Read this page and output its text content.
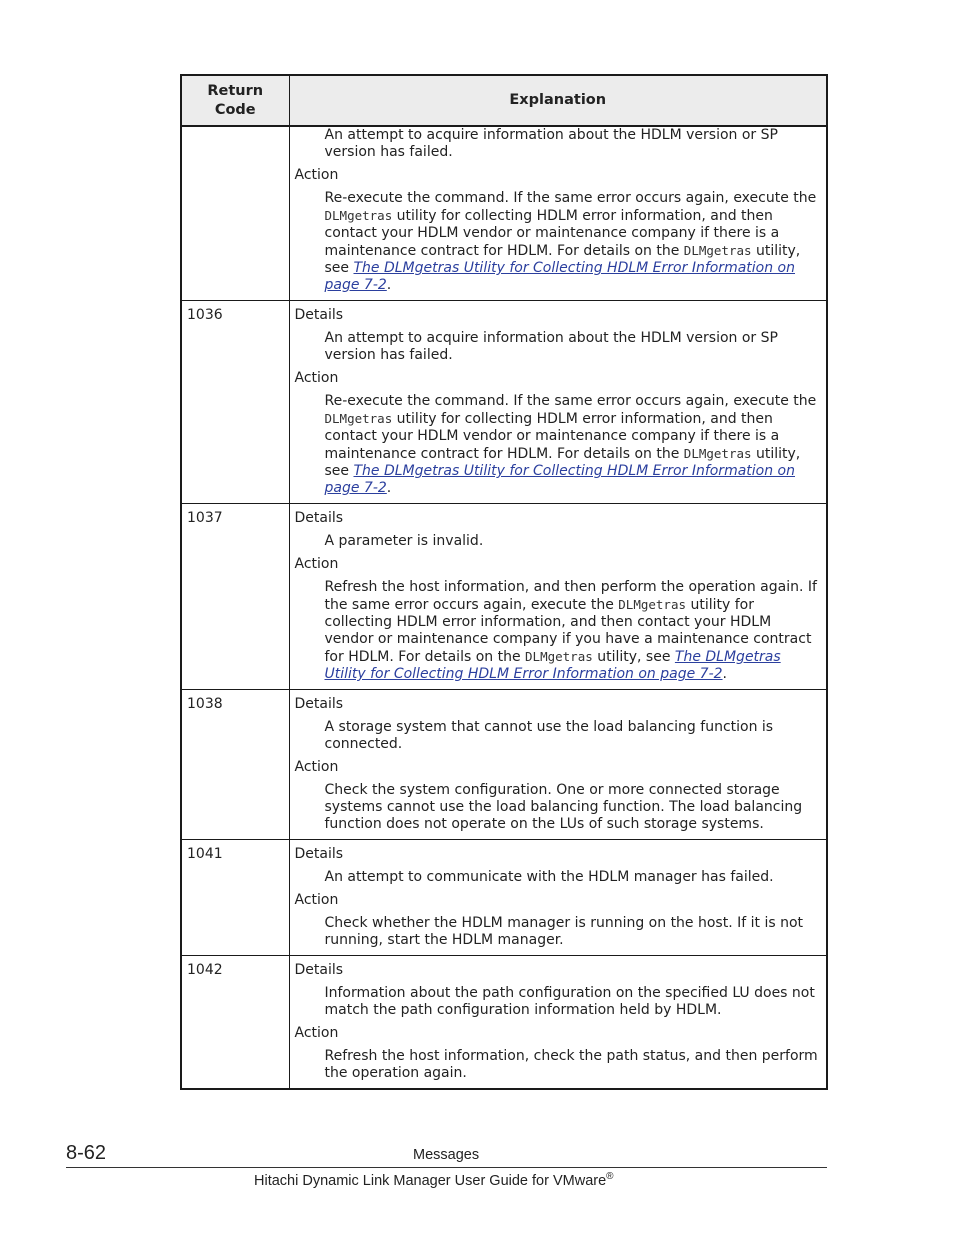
Return Code	Explanation

	An attempt to acquire information about the HDLM version or SP version has failed.

Action

Re-execute the command. If the same error occurs again, execute the DLMgetras utility for collecting HDLM error information, and then contact your HDLM vendor or maintenance company if there is a maintenance contract for HDLM. For details on the DLMgetras utility, see The DLMgetras Utility for Collecting HDLM Error Information on page 7-2.

1036	Details

An attempt to acquire information about the HDLM version or SP version has failed.

Action

Re-execute the command. If the same error occurs again, execute the DLMgetras utility for collecting HDLM error information, and then contact your HDLM vendor or maintenance company if there is a maintenance contract for HDLM. For details on the DLMgetras utility, see The DLMgetras Utility for Collecting HDLM Error Information on page 7-2.

1037	Details

A parameter is invalid.

Action

Refresh the host information, and then perform the operation again. If the same error occurs again, execute the DLMgetras utility for collecting HDLM error information, and then contact your HDLM vendor or maintenance company if you have a maintenance contract for HDLM. For details on the DLMgetras utility, see The DLMgetras Utility for Collecting HDLM Error Information on page 7-2.

1038	Details

A storage system that cannot use the load balancing function is connected.

Action

Check the system configuration. One or more connected storage systems cannot use the load balancing function. The load balancing function does not operate on the LUs of such storage systems.

1041	Details

An attempt to communicate with the HDLM manager has failed.

Action

Check whether the HDLM manager is running on the host. If it is not running, start the HDLM manager.

1042	Details

Information about the path configuration on the specified LU does not match the path configuration information held by HDLM.

Action

Refresh the host information, check the path status, and then perform the operation again.

8-62	Messages
Hitachi Dynamic Link Manager User Guide for VMware®
